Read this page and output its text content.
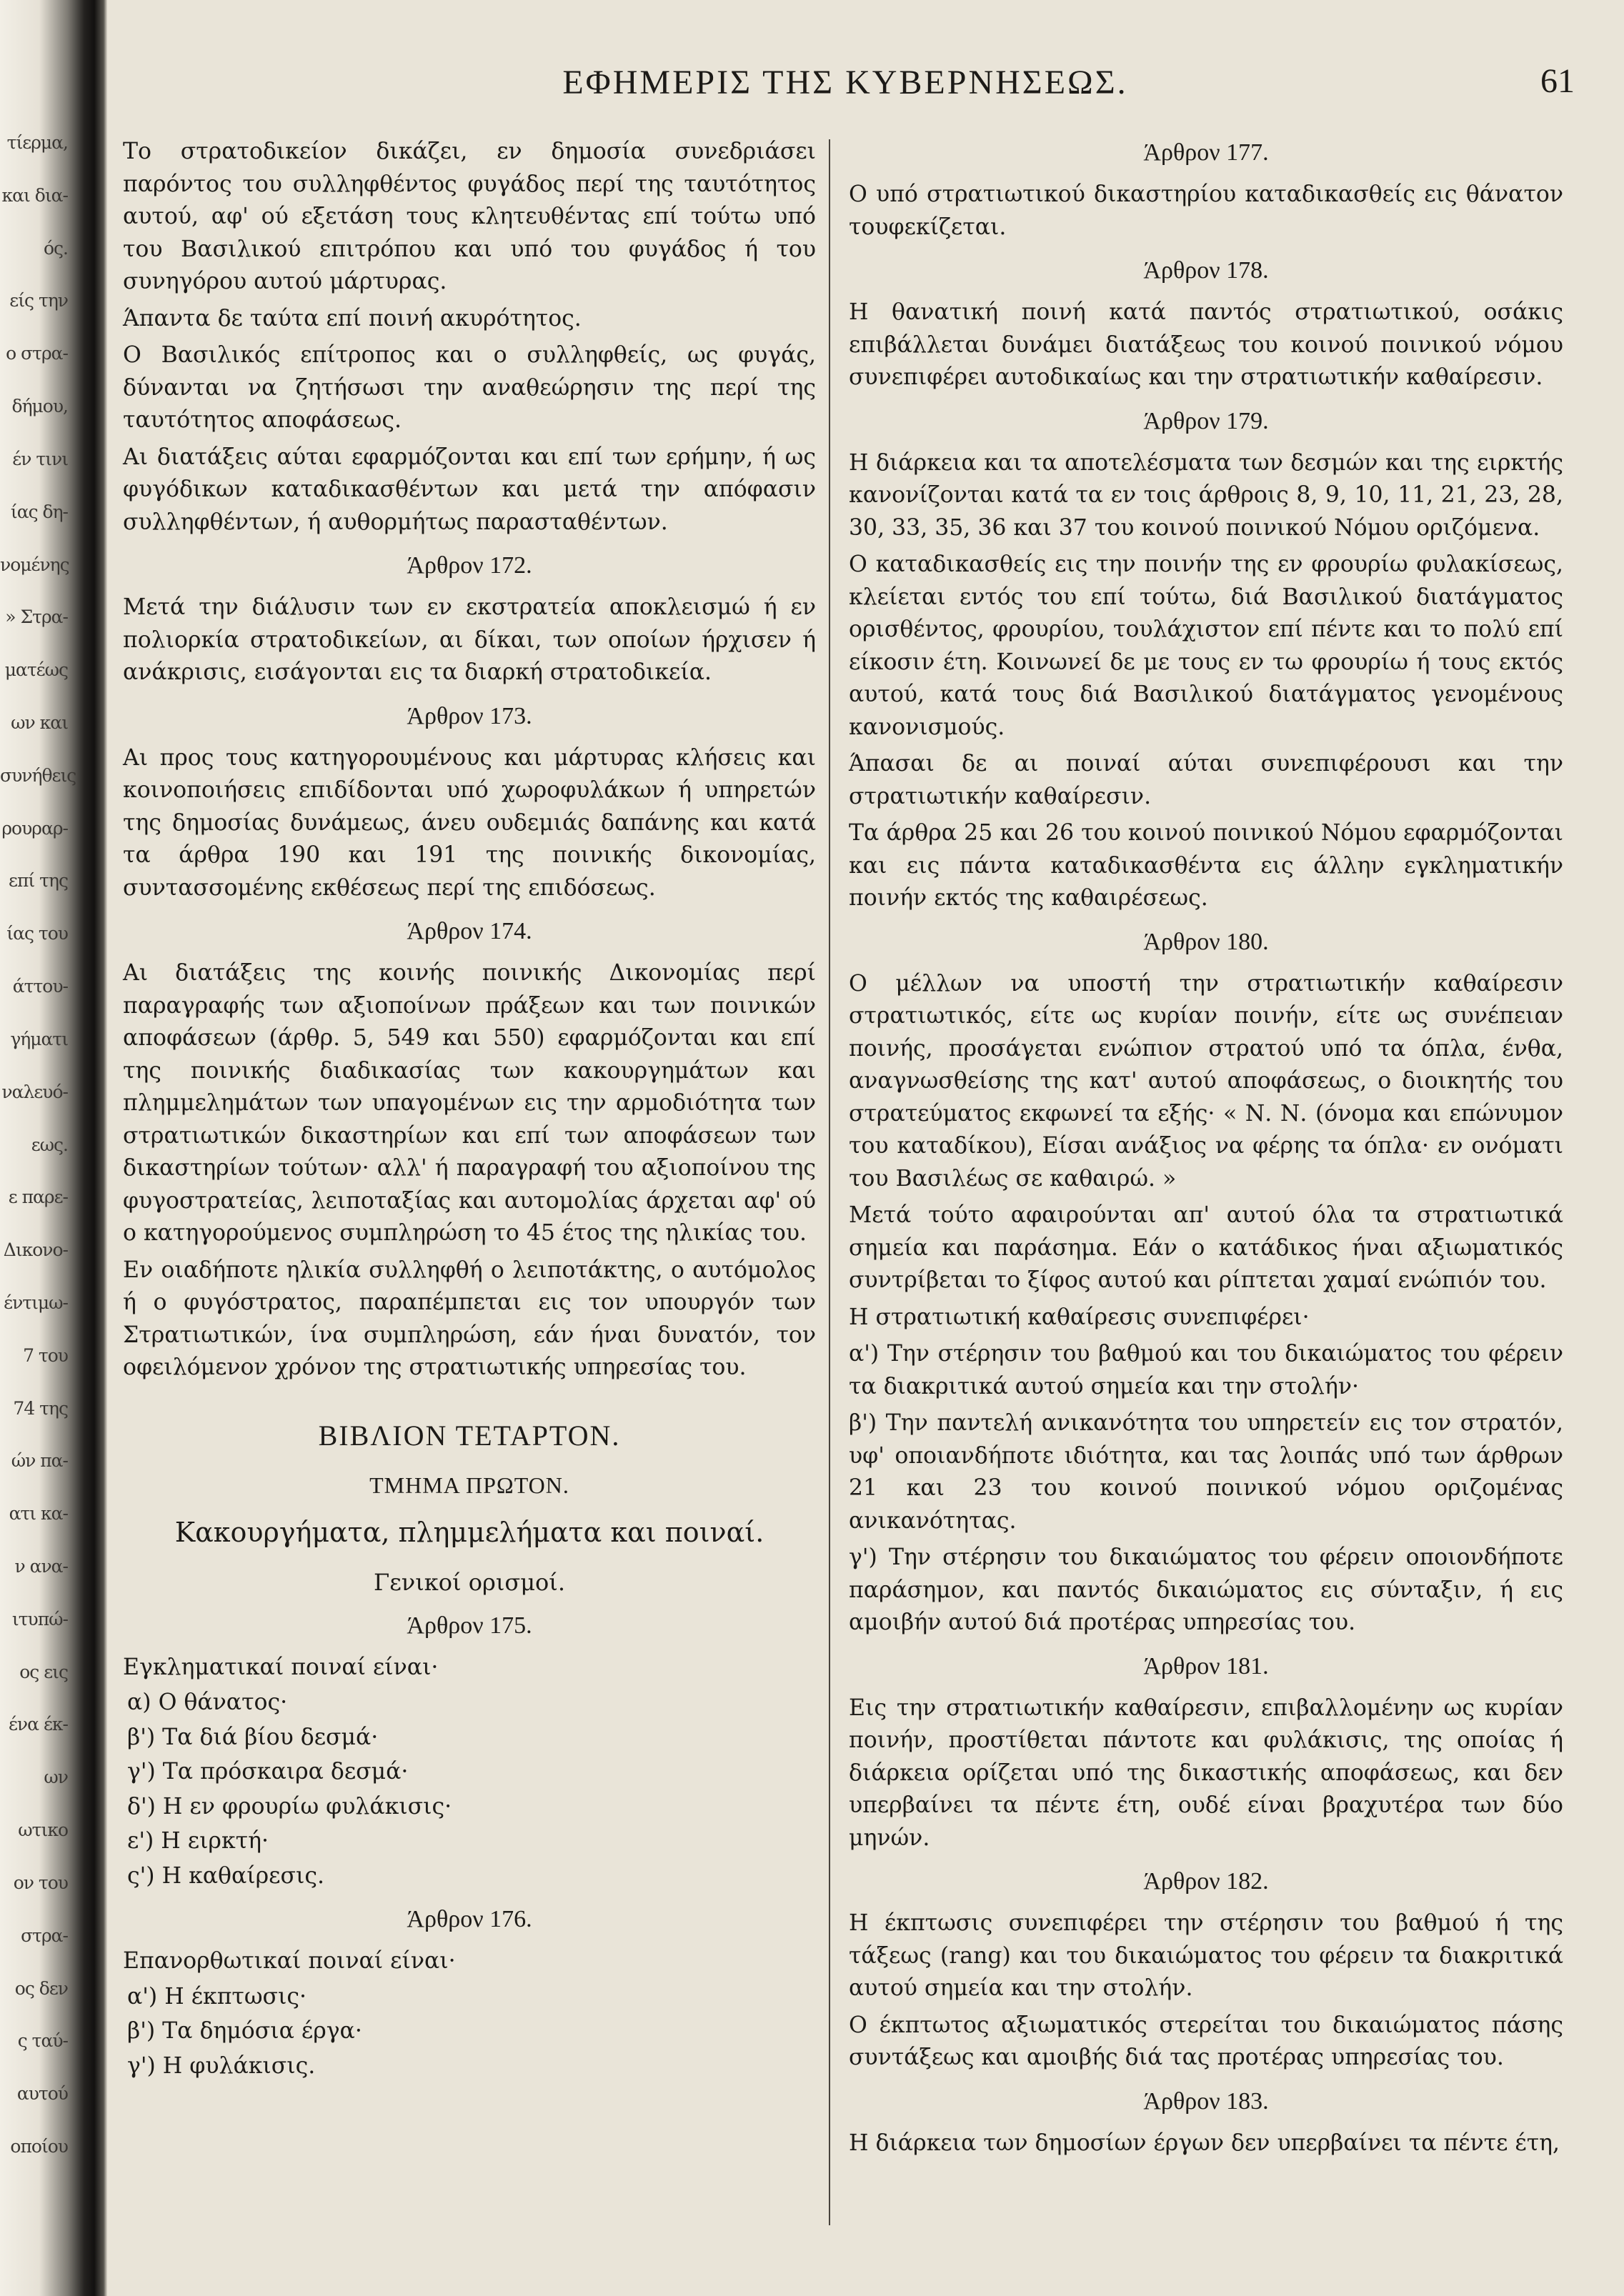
τίερμα,
και δια-
ός.
είς την
ο στρα-
δήμου,
έν τινι
ίας δη-
νομένης
» Στρα-
ματέως
ων και
συνήθεις
ρουραρ-
επί της
ίας του
άττου-
γήματι
ναλευό-
εως.
ε παρε-
Δικονο-
έντιμω-
7 του
74 της
ών πα-
ατι κα-
ν ανα-
ιτυπώ-
ος εις
ένα έκ-
ων
ωτικο
ον του
στρα-
ος δεν
ς ταύ-
αυτού
οποίου
ΕΦΗΜΕΡΙΣ ΤΗΣ ΚΥΒΕΡΝΗΣΕΩΣ.	61

Το στρατοδικείον δικάζει, εν δημοσία συνεδριάσει παρόντος του συλληφθέντος φυγάδος περί της ταυτότητος αυτού, αφ' ού εξετάση τους κλητευθέντας επί τούτω υπό του Βασιλικού επιτρόπου και υπό του φυγάδος ή του συνηγόρου αυτού μάρτυρας.

Άπαντα δε ταύτα επί ποινή ακυρότητος.

Ο Βασιλικός επίτροπος και ο συλληφθείς, ως φυγάς, δύνανται να ζητήσωσι την αναθεώρησιν της περί της ταυτότητος αποφάσεως.

Αι διατάξεις αύται εφαρμόζονται και επί των ερήμην, ή ως φυγόδικων καταδικασθέντων και μετά την απόφασιν συλληφθέντων, ή αυθορμήτως παρασταθέντων.

Άρθρον 172.

Μετά την διάλυσιν των εν εκστρατεία αποκλεισμώ ή εν πολιορκία στρατοδικείων, αι δίκαι, των οποίων ήρχισεν ή ανάκρισις, εισάγονται εις τα διαρκή στρατοδικεία.

Άρθρον 173.

Αι προς τους κατηγορουμένους και μάρτυρας κλήσεις και κοινοποιήσεις επιδίδονται υπό χωροφυλάκων ή υπηρετών της δημοσίας δυνάμεως, άνευ ουδεμιάς δαπάνης και κατά τα άρθρα 190 και 191 της ποινικής δικονομίας, συντασσομένης εκθέσεως περί της επιδόσεως.

Άρθρον 174.

Αι διατάξεις της κοινής ποινικής Δικονομίας περί παραγραφής των αξιοποίνων πράξεων και των ποινικών αποφάσεων (άρθρ. 5, 549 και 550) εφαρμόζονται και επί της ποινικής διαδικασίας των κακουργημάτων και πλημμελημάτων των υπαγομένων εις την αρμοδιότητα των στρατιωτικών δικαστηρίων και επί των αποφάσεων των δικαστηρίων τούτων· αλλ' ή παραγραφή του αξιοποίνου της φυγοστρατείας, λειποταξίας και αυτομολίας άρχεται αφ' ού ο κατηγορούμενος συμπληρώση το 45 έτος της ηλικίας του.

Εν οιαδήποτε ηλικία συλληφθή ο λειποτάκτης, ο αυτόμολος ή ο φυγόστρατος, παραπέμπεται εις τον υπουργόν των Στρατιωτικών, ίνα συμπληρώση, εάν ήναι δυνατόν, τον οφειλόμενον χρόνον της στρατιωτικής υπηρεσίας του.

ΒΙΒΛΙΟΝ ΤΕΤΑΡΤΟΝ.
ΤΜΗΜΑ ΠΡΩΤΟΝ.
Κακουργήματα, πλημμελήματα και ποιναί.
Γενικοί ορισμοί.
Άρθρον 175.

Εγκληματικαί ποιναί είναι·

α) Ο θάνατος·
β') Τα διά βίου δεσμά·
γ') Τα πρόσκαιρα δεσμά·
δ') Η εν φρουρίω φυλάκισις·
ε') Η ειρκτή·
ς') Η καθαίρεσις.
Άρθρον 176.

Επανορθωτικαί ποιναί είναι·

α') Η έκπτωσις·
β') Τα δημόσια έργα·
γ') Η φυλάκισις.
Άρθρον 177.

Ο υπό στρατιωτικού δικαστηρίου καταδικασθείς εις θάνατον τουφεκίζεται.

Άρθρον 178.

Η θανατική ποινή κατά παντός στρατιωτικού, οσάκις επιβάλλεται δυνάμει διατάξεως του κοινού ποινικού νόμου συνεπιφέρει αυτοδικαίως και την στρατιωτικήν καθαίρεσιν.

Άρθρον 179.

Η διάρκεια και τα αποτελέσματα των δεσμών και της ειρκτής κανονίζονται κατά τα εν τοις άρθροις 8, 9, 10, 11, 21, 23, 28, 30, 33, 35, 36 και 37 του κοινού ποινικού Νόμου οριζόμενα.

Ο καταδικασθείς εις την ποινήν της εν φρουρίω φυλακίσεως, κλείεται εντός του επί τούτω, διά Βασιλικού διατάγματος ορισθέντος, φρουρίου, τουλάχιστον επί πέντε και το πολύ επί είκοσιν έτη. Κοινωνεί δε με τους εν τω φρουρίω ή τους εκτός αυτού, κατά τους διά Βασιλικού διατάγματος γενομένους κανονισμούς.

Άπασαι δε αι ποιναί αύται συνεπιφέρουσι και την στρατιωτικήν καθαίρεσιν.

Τα άρθρα 25 και 26 του κοινού ποινικού Νόμου εφαρμόζονται και εις πάντα καταδικασθέντα εις άλλην εγκληματικήν ποινήν εκτός της καθαιρέσεως.

Άρθρον 180.

Ο μέλλων να υποστή την στρατιωτικήν καθαίρεσιν στρατιωτικός, είτε ως κυρίαν ποινήν, είτε ως συνέπειαν ποινής, προσάγεται ενώπιον στρατού υπό τα όπλα, ένθα, αναγνωσθείσης της κατ' αυτού αποφάσεως, ο διοικητής του στρατεύματος εκφωνεί τα εξής· « Ν. Ν. (όνομα και επώνυμον του καταδίκου), Είσαι ανάξιος να φέρης τα όπλα· εν ονόματι του Βασιλέως σε καθαιρώ. »

Μετά τούτο αφαιρούνται απ' αυτού όλα τα στρατιωτικά σημεία και παράσημα. Εάν ο κατάδικος ήναι αξιωματικός συντρίβεται το ξίφος αυτού και ρίπτεται χαμαί ενώπιόν του.

Η στρατιωτική καθαίρεσις συνεπιφέρει·

α') Την στέρησιν του βαθμού και του δικαιώματος του φέρειν τα διακριτικά αυτού σημεία και την στολήν·

β') Την παντελή ανικανότητα του υπηρετείν εις τον στρατόν, υφ' οποιανδήποτε ιδιότητα, και τας λοιπάς υπό των άρθρων 21 και 23 του κοινού ποινικού νόμου οριζομένας ανικανότητας.

γ') Την στέρησιν του δικαιώματος του φέρειν οποιονδήποτε παράσημον, και παντός δικαιώματος εις σύνταξιν, ή εις αμοιβήν αυτού διά προτέρας υπηρεσίας του.

Άρθρον 181.

Εις την στρατιωτικήν καθαίρεσιν, επιβαλλομένην ως κυρίαν ποινήν, προστίθεται πάντοτε και φυλάκισις, της οποίας ή διάρκεια ορίζεται υπό της δικαστικής αποφάσεως, και δεν υπερβαίνει τα πέντε έτη, ουδέ είναι βραχυτέρα των δύο μηνών.

Άρθρον 182.

Η έκπτωσις συνεπιφέρει την στέρησιν του βαθμού ή της τάξεως (rang) και του δικαιώματος του φέρειν τα διακριτικά αυτού σημεία και την στολήν.

Ο έκπτωτος αξιωματικός στερείται του δικαιώματος πάσης συντάξεως και αμοιβής διά τας προτέρας υπηρεσίας του.

Άρθρον 183.

Η διάρκεια των δημοσίων έργων δεν υπερβαίνει τα πέντε έτη,
